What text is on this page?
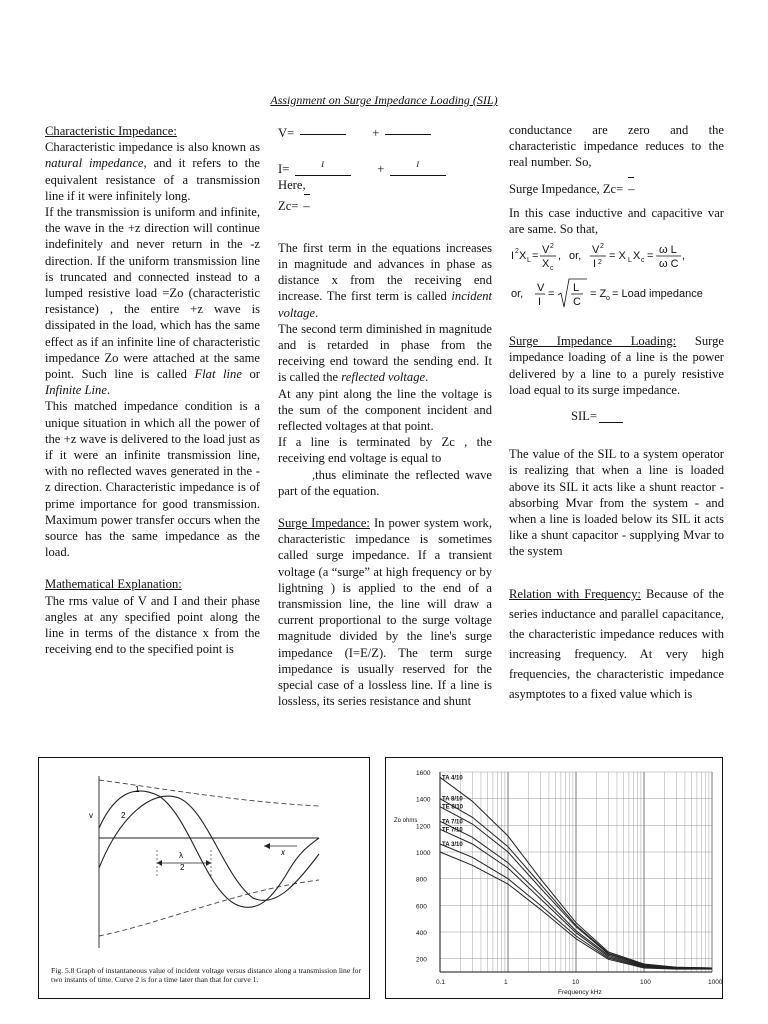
Assignment on Surge Impedance Loading (SIL)

Characteristic Impedance:
Characteristic impedance is also known as natural impedance, and it refers to the equivalent resistance of a transmission line if it were infinitely long.

If the transmission is uniform and infinite, the wave in the +z direction will continue indefinitely and never return in the -z direction. If the uniform transmission line is truncated and connected instead to a lumped resistive load =Zo (characteristic resistance) , the entire +z wave is dissipated in the load, which has the same effect as if an infinite line of characteristic impedance Zo were attached at the same point. Such line is called Flat line or Infinite Line.

This matched impedance condition is a unique situation in which all the power of the +z wave is delivered to the load just as if it were an infinite transmission line, with no reflected waves generated in the -z direction. Characteristic impedance is of prime importance for good transmission. Maximum power transfer occurs when the source has the same impedance as the load.

Mathematical Explanation:

The rms value of V and I and their phase angles at any specified point along the line in terms of the distance x from the receiving end to the specified point is

V=	+

I=	I	+	I

Here,

Zc= –

The first term in the equations increases in magnitude and advances in phase as distance x from the receiving end increase. The first term is called incident voltage.

The second term diminished in magnitude and is retarded in phase from the receiving end toward the sending end. It is called the reflected voltage.

At any pint along the line the voltage is the sum of the component incident and reflected voltages at that point.

If a line is terminated by Zc , the receiving end voltage is equal to
,thus eliminate the reflected wave part of the equation.

Surge Impedance: In power system work, characteristic impedance is sometimes called surge impedance. If a transient voltage (a “surge” at high frequency or by lightning ) is applied to the end of a transmission line, the line will draw a current proportional to the surge voltage magnitude divided by the line's surge impedance (I=E/Z). The term surge impedance is usually reserved for the special case of a lossless line. If a line is lossless, its series resistance and shunt

conductance are zero and the characteristic impedance reduces to the real number. So,

Surge Impedance, Zc= –

In this case inductive and capacitive var are same. So that,

I 2 X L = V 2
X c
, or, V 2
I 2
= X L X c = ω L
ω C
,
or, V
I
= L
C
= Z o = Load impedance

Surge Impedance Loading: Surge impedance loading of a line is the power delivered by a line to a purely resistive load equal to its surge impedance.

SIL=

The value of the SIL to a system operator is realizing that when a line is loaded above its SIL it acts like a shunt reactor - absorbing Mvar from the system - and when a line is loaded below its SIL it acts like a shunt capacitor - supplying Mvar to the system

Relation with Frequency: Because of the series inductance and parallel capacitance, the characteristic impedance reduces with increasing frequency. At very high frequencies, the characteristic impedance asymptotes to a fixed value which is

λ
2
x
v
1
2
Fig. 5.8 Graph of instantaneous value of incident voltage versus distance along a transmission line for two instants of time. Curve 2 is for a time later than that for curve 1.
1600
1400
1200
1000
800
600
400
200
0.1	1	10	100	1000
Frequency kHz
Zo ohms
TA 4/10
TA 8/10
TE 8/10
TA 7/10
TF 7/10
TA 3/10
